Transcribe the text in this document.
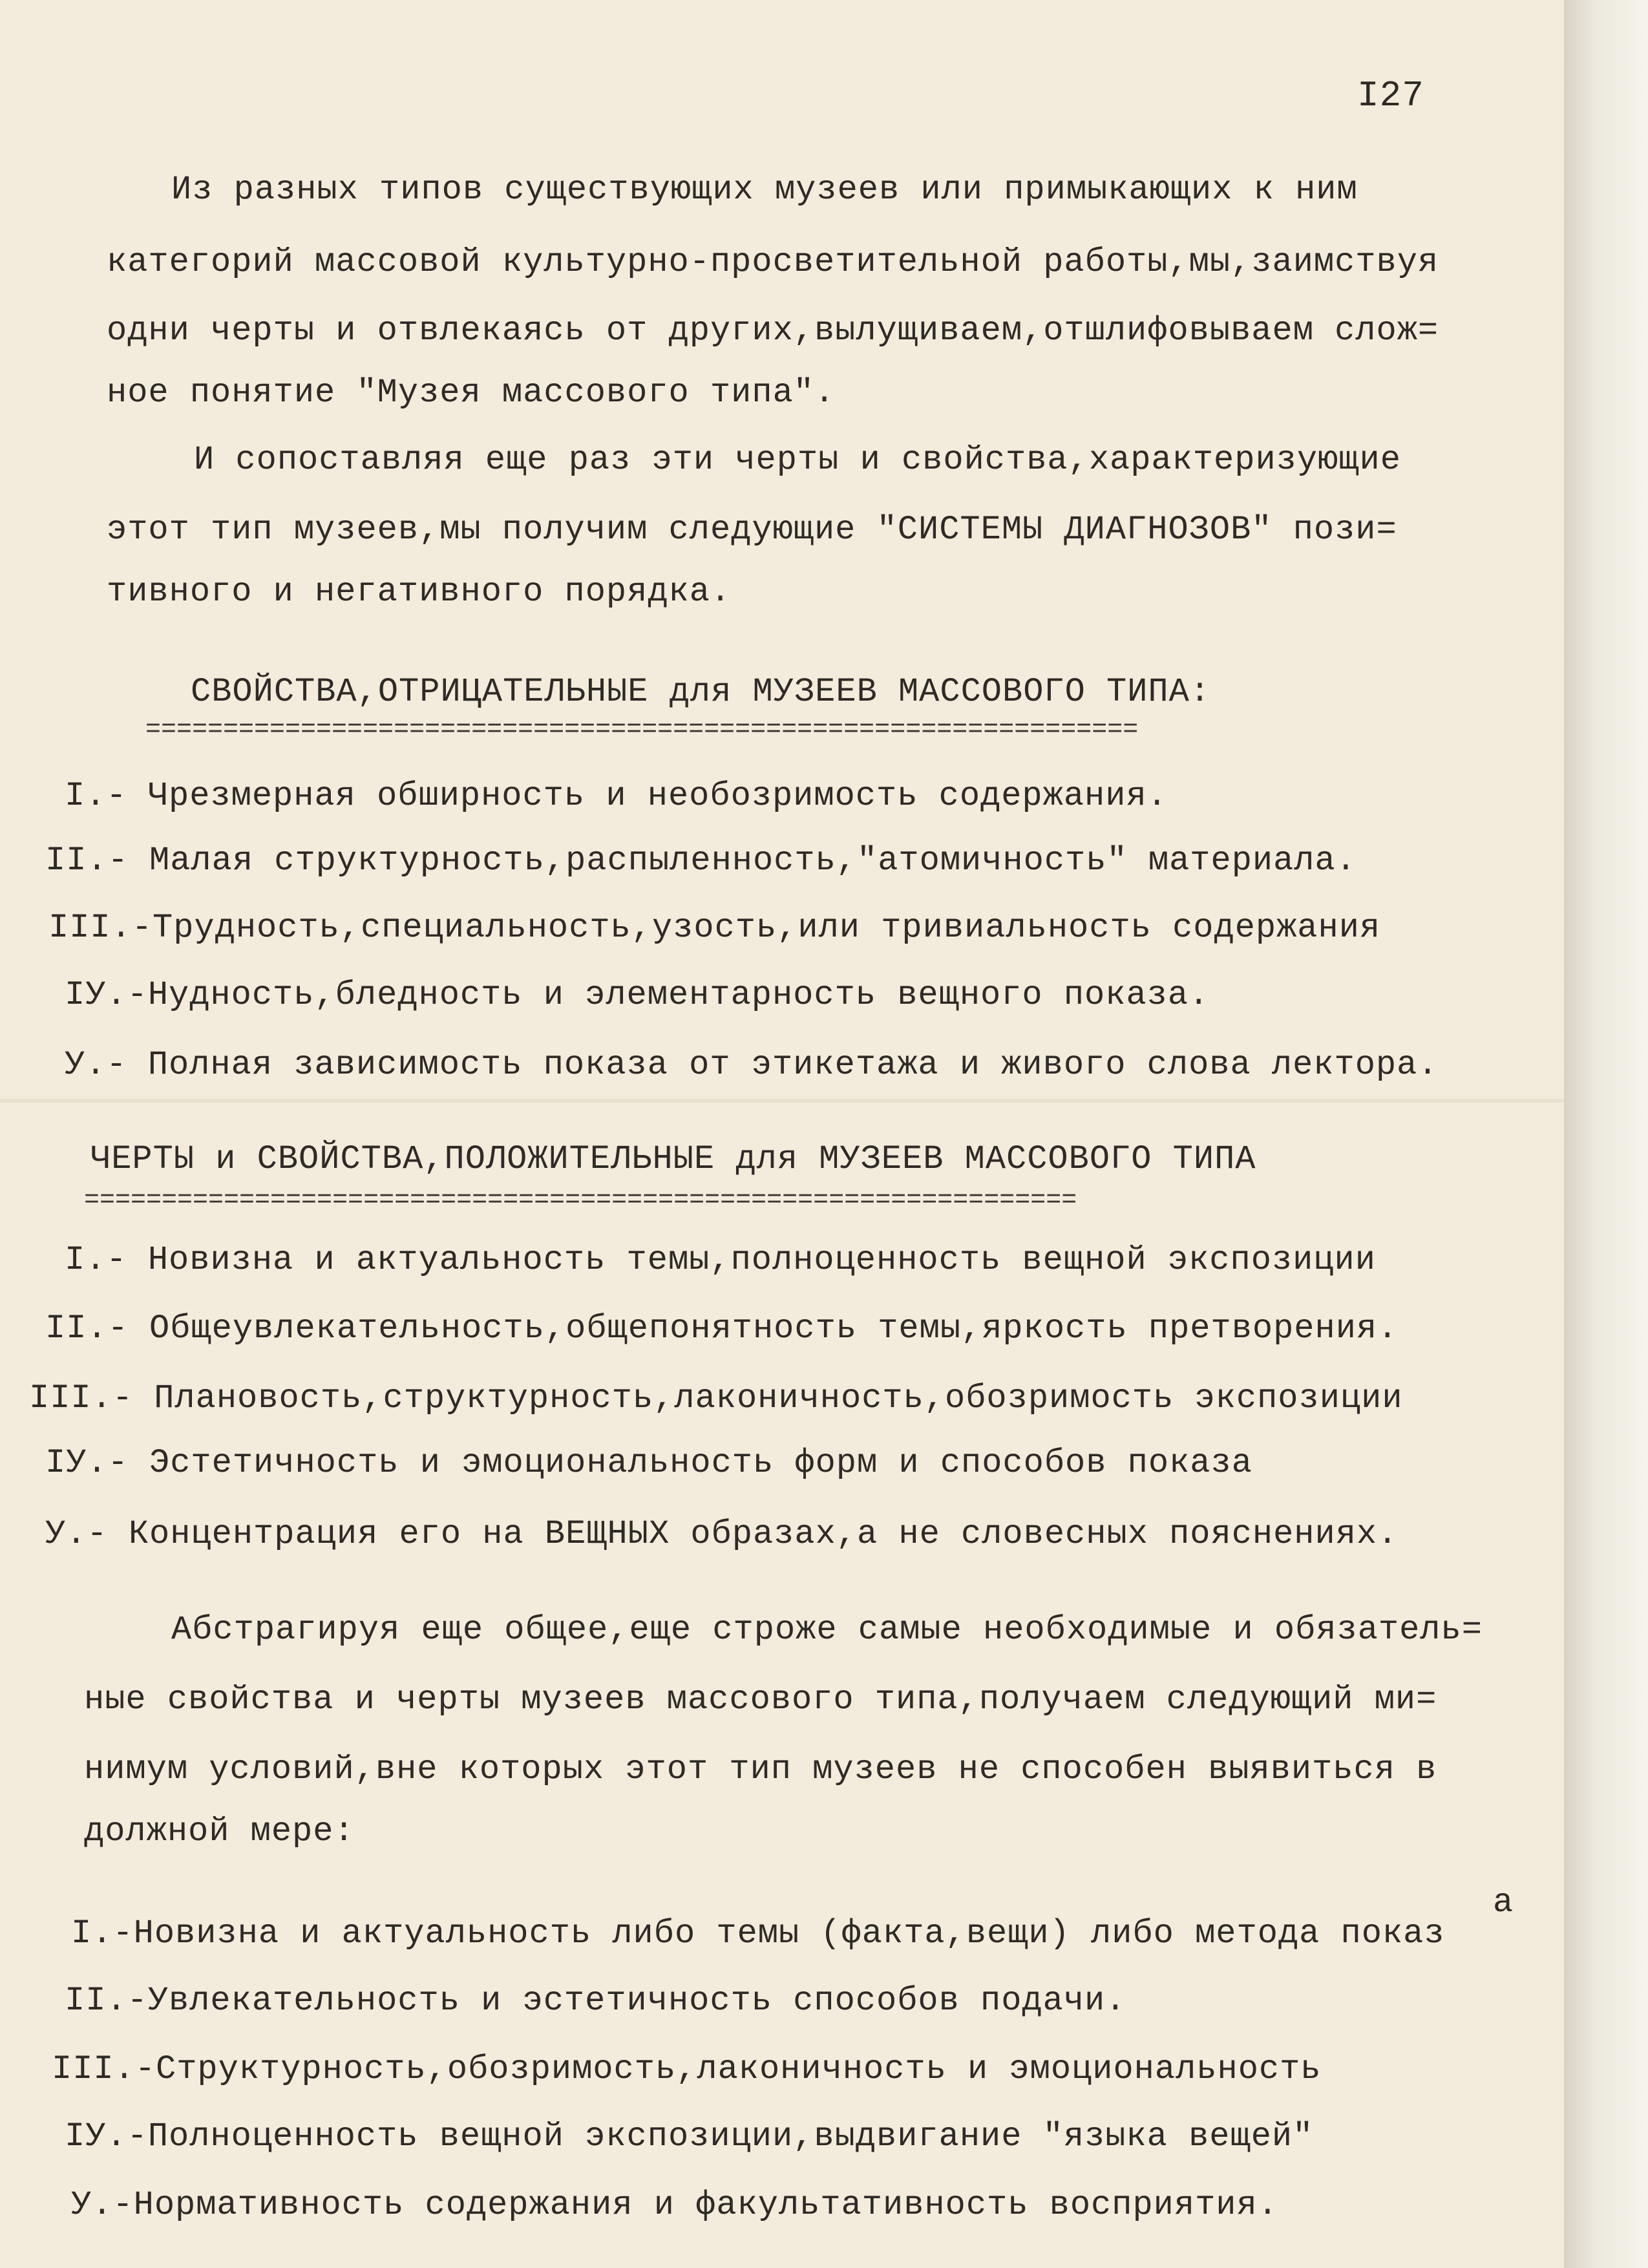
I27

Из разных типов существующих музеев или примыкающих к ним

категорий массовой культурно-просветительной работы,мы,заимствуя

одни черты и отвлекаясь от других,вылущиваем,отшлифовываем слож=

ное понятие "Музея массового типа".

И сопоставляя еще раз эти черты и свойства,характеризующие

этот тип музеев,мы получим следующие "СИСТЕМЫ ДИАГНОЗОВ" пози=

тивного и негативного порядка.

СВОЙСТВА,ОТРИЦАТЕЛЬНЫЕ для МУЗЕЕВ МАССОВОГО ТИПА:

================================================================

I.- Чрезмерная обширность и необозримость содержания.

II.- Малая структурность,распыленность,"атомичность" материала.

III.-Трудность,специальность,узость,или тривиальность содержания

IУ.-Нудность,бледность и элементарность вещного показа.

У.- Полная зависимость показа от этикетажа и живого слова лектора.

ЧЕРТЫ и СВОЙСТВА,ПОЛОЖИТЕЛЬНЫЕ для МУЗЕЕВ МАССОВОГО ТИПА

================================================================

I.- Новизна и актуальность темы,полноценность вещной экспозиции

II.- Общеувлекательность,общепонятность темы,яркость претворения.

III.- Плановость,структурность,лаконичность,обозримость экспозиции

IУ.- Эстетичность и эмоциональность форм и способов показа

У.- Концентрация его на ВЕЩНЫХ образах,а не словесных пояснениях.

Абстрагируя еще общее,еще строже самые необходимые и обязатель=

ные свойства и черты музеев массового типа,получаем следующий ми=

нимум условий,вне которых этот тип музеев не способен выявиться в

должной мере:

а

I.-Новизна и актуальность либо темы (факта,вещи) либо метода показ

II.-Увлекательность и эстетичность способов подачи.

III.-Структурность,обозримость,лаконичность и эмоциональность

IУ.-Полноценность вещной экспозиции,выдвигание "языка вещей"

У.-Нормативность содержания и факультативность восприятия.
